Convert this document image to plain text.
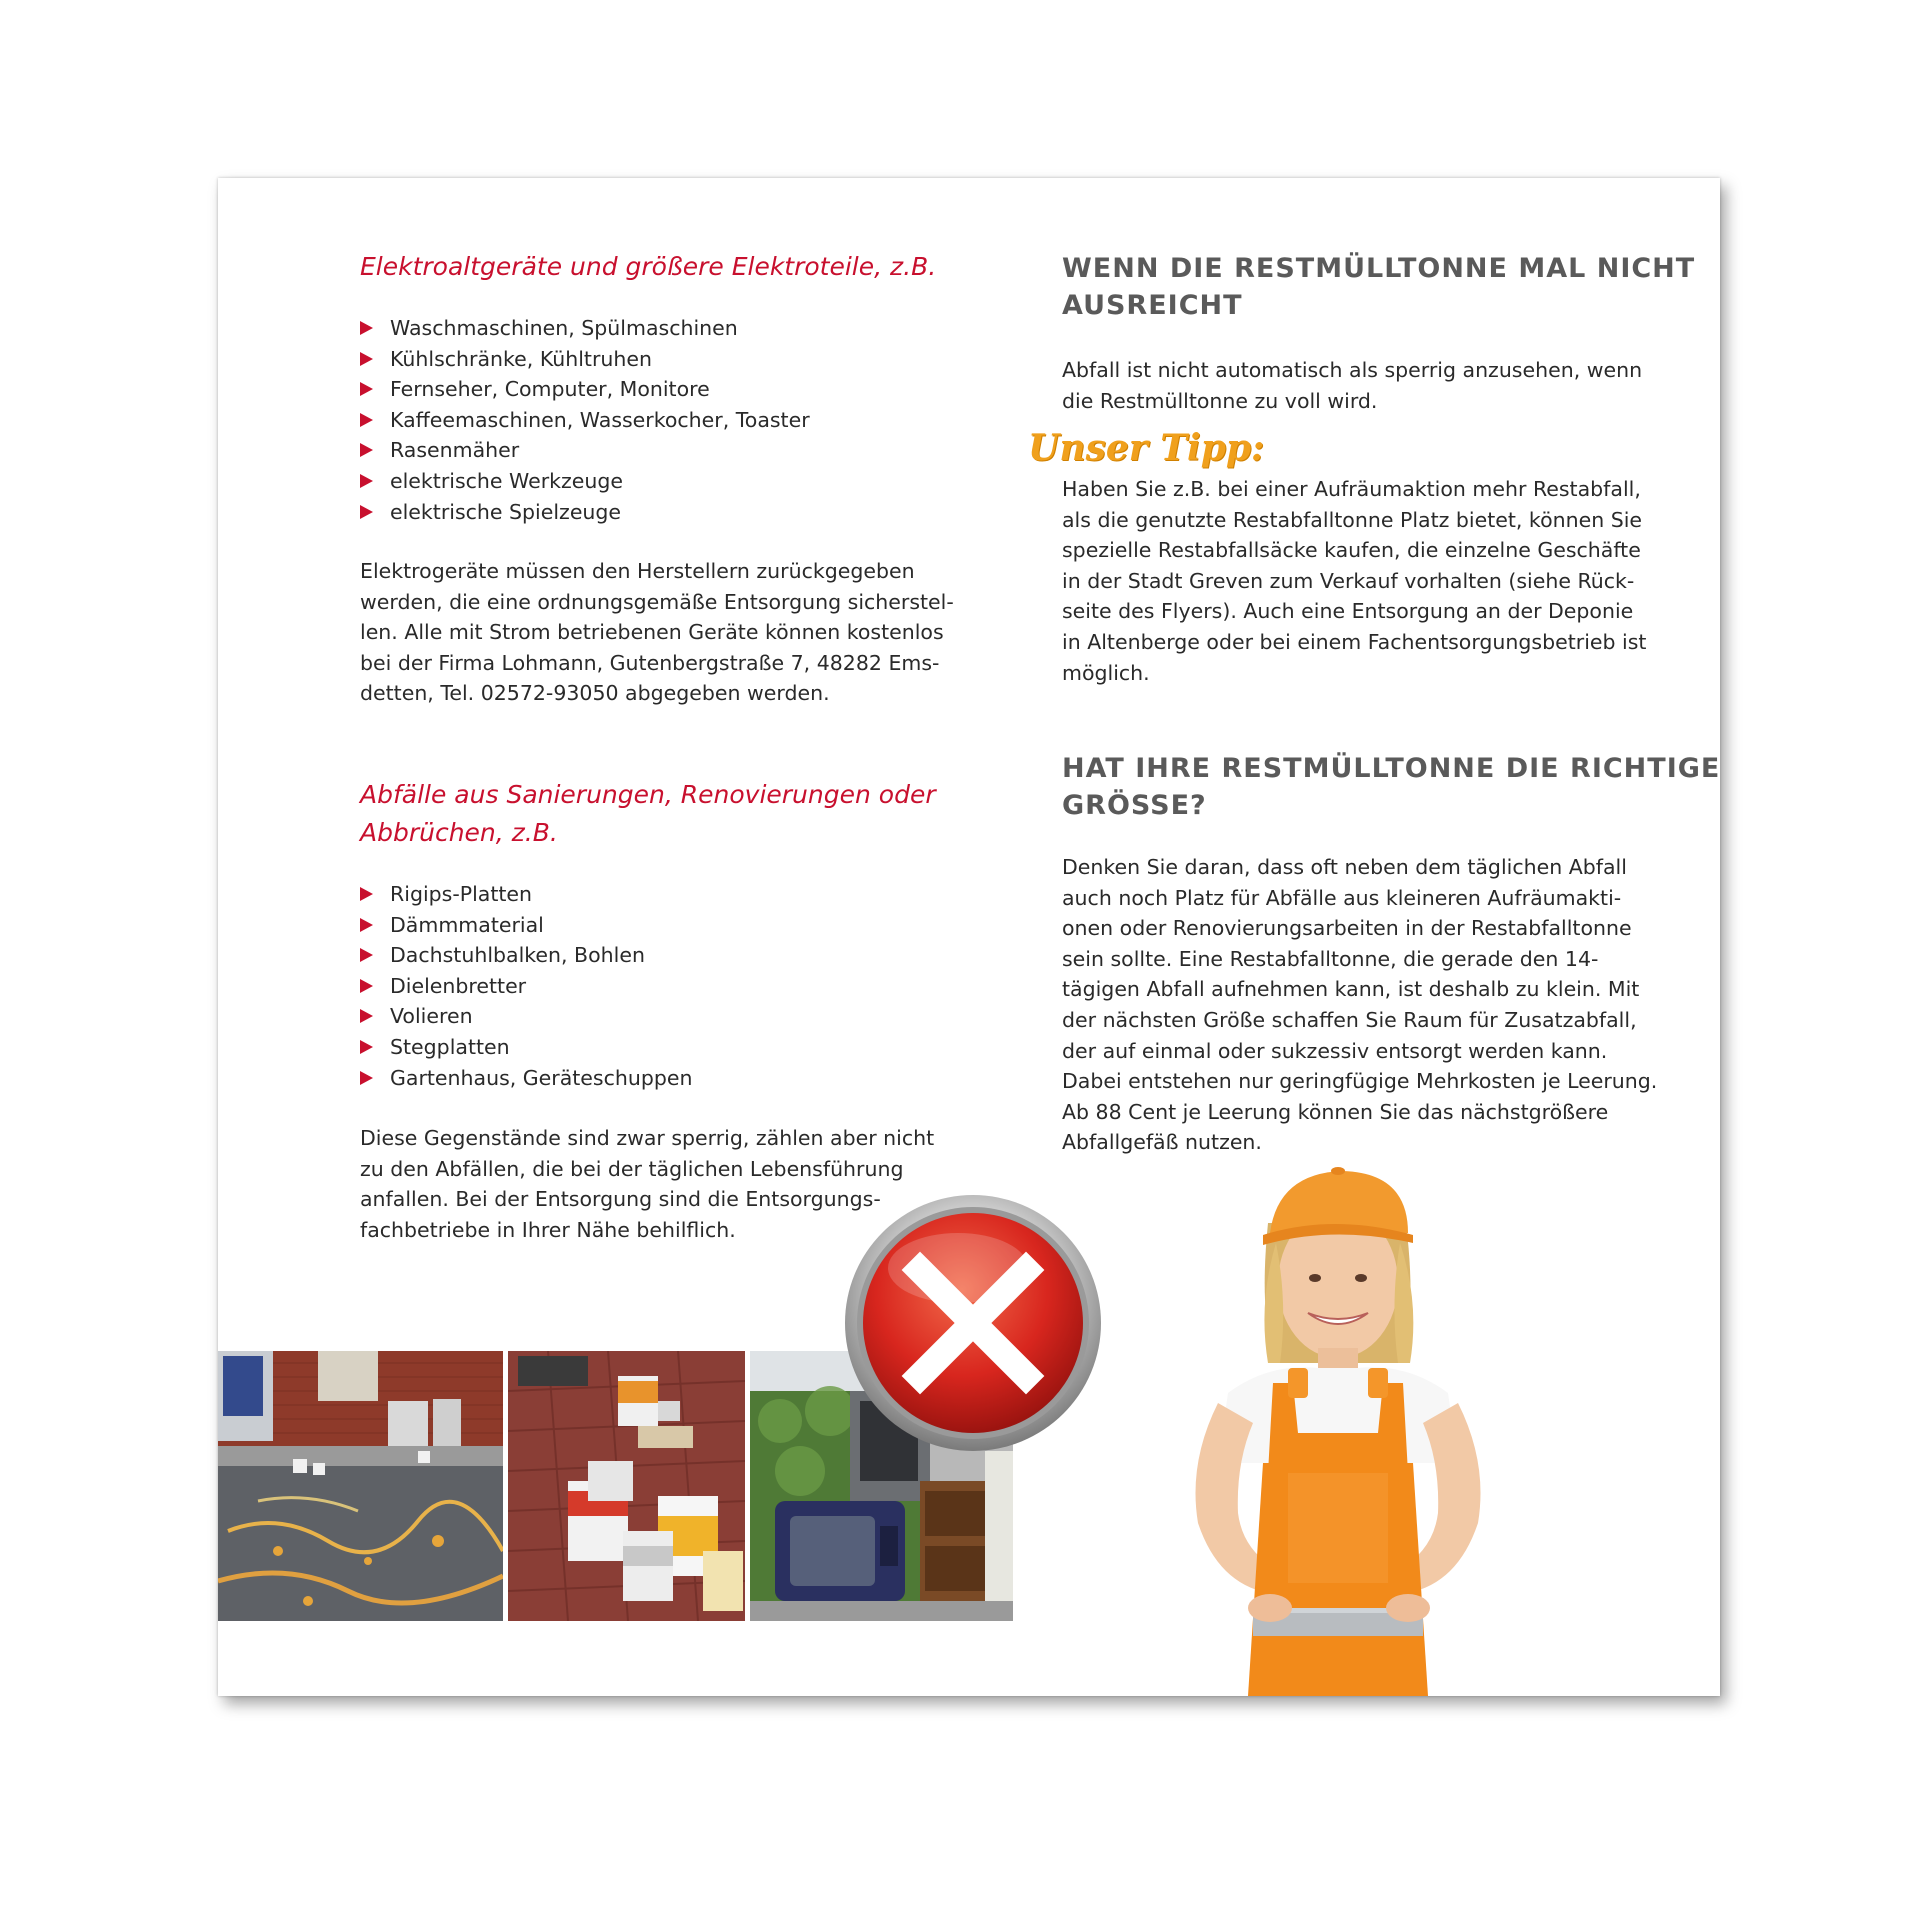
Elektroaltgeräte und größere Elektroteile, z.B.
Waschmaschinen, Spülmaschinen
Kühlschränke, Kühltruhen
Fernseher, Computer, Monitore
Kaffeemaschinen, Wasserkocher, Toaster
Rasenmäher
elektrische Werkzeuge
elektrische Spielzeuge
Elektrogeräte müssen den Herstellern zurückgegeben
werden, die eine ordnungsgemäße Entsorgung sicherstel-
len. Alle mit Strom betriebenen Geräte können kostenlos
bei der Firma Lohmann, Gutenbergstraße 7, 48282 Ems-
detten, Tel. 02572-93050 abgegeben werden.
Abfälle aus Sanierungen, Renovierungen oder
Abbrüchen, z.B.
Rigips-Platten
Dämmmaterial
Dachstuhlbalken, Bohlen
Dielenbretter
Volieren
Stegplatten
Gartenhaus, Geräteschuppen
Diese Gegenstände sind zwar sperrig, zählen aber nicht
zu den Abfällen, die bei der täglichen Lebensführung
anfallen. Bei der Entsorgung sind die Entsorgungs-
fachbetriebe in Ihrer Nähe behilflich.
WENN DIE RESTMÜLLTONNE MAL NICHT
AUSREICHT
Abfall ist nicht automatisch als sperrig anzusehen, wenn
die Restmülltonne zu voll wird.
Unser Tipp:
Haben Sie z.B. bei einer Aufräumaktion mehr Restabfall,
als die genutzte Restabfalltonne Platz bietet, können Sie
spezielle Restabfallsäcke kaufen, die einzelne Geschäfte
in der Stadt Greven zum Verkauf vorhalten (siehe Rück-
seite des Flyers). Auch eine Entsorgung an der Deponie
in Altenberge oder bei einem Fachentsorgungsbetrieb ist
möglich.
HAT IHRE RESTMÜLLTONNE DIE RICHTIGE
GRÖSSE?
Denken Sie daran, dass oft neben dem täglichen Abfall
auch noch Platz für Abfälle aus kleineren Aufräumakti-
onen oder Renovierungsarbeiten in der Restabfalltonne
sein sollte. Eine Restabfalltonne, die gerade den 14-
tägigen Abfall aufnehmen kann, ist deshalb zu klein. Mit
der nächsten Größe schaffen Sie Raum für Zusatzabfall,
der auf einmal oder sukzessiv entsorgt werden kann.
Dabei entstehen nur geringfügige Mehrkosten je Leerung.
Ab 88 Cent je Leerung können Sie das nächstgrößere
Abfallgefäß nutzen.
